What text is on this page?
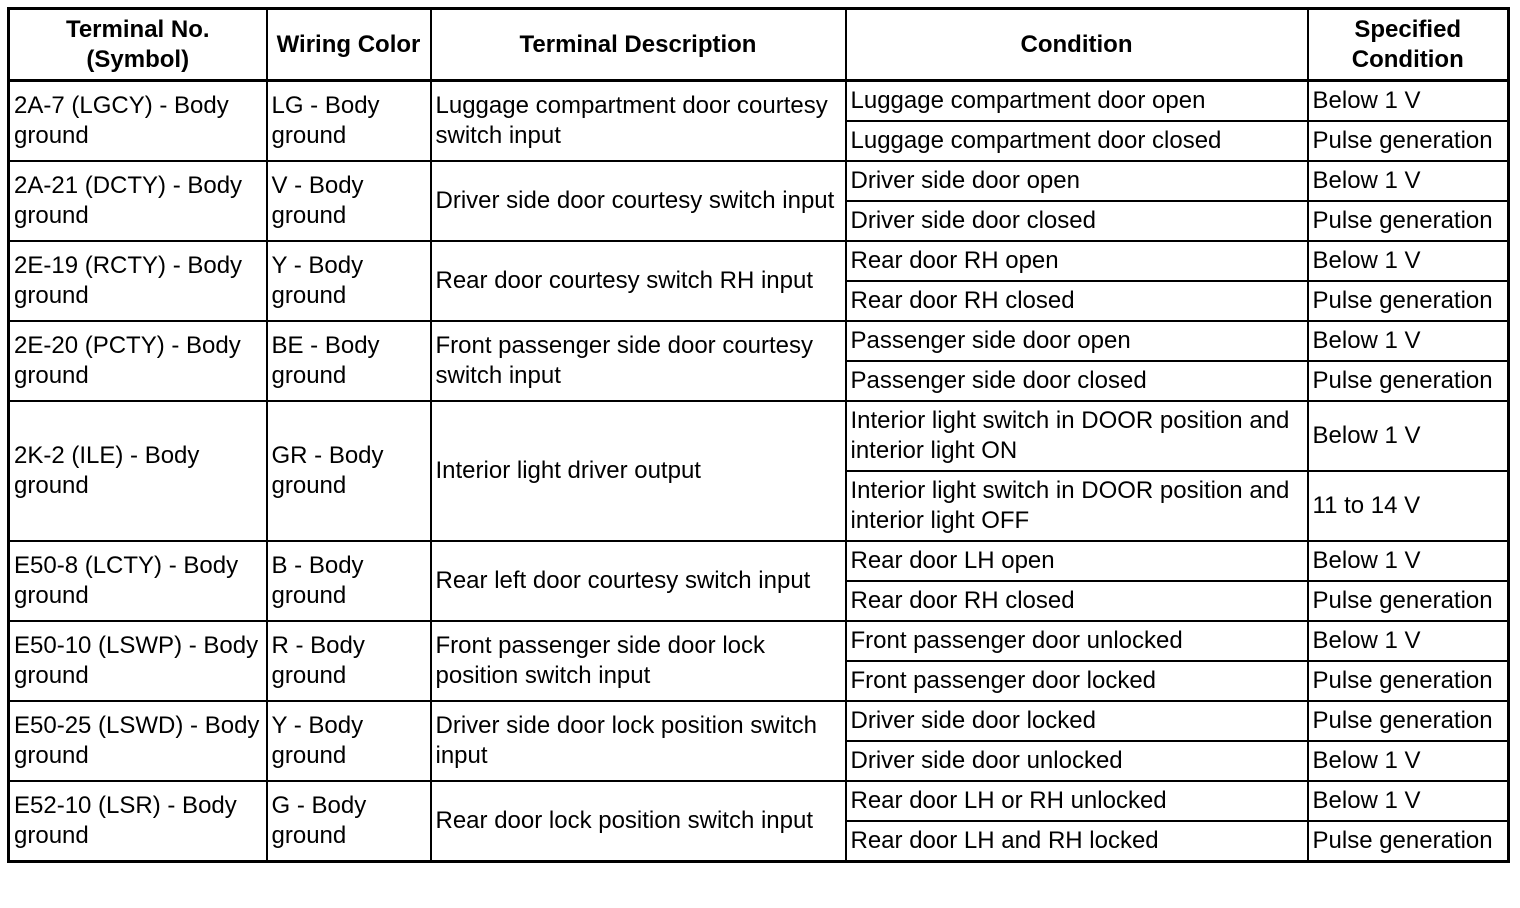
Terminal No. (Symbol)	Wiring Color	Terminal Description	Condition	Specified Condition
2A-7 (LGCY) - Body ground	LG - Body ground	Luggage compartment door courtesy switch input	Luggage compartment door open	Below 1 V
			Luggage compartment door closed	Pulse generation
2A-21 (DCTY) - Body ground	V - Body ground	Driver side door courtesy switch input	Driver side door open	Below 1 V
			Driver side door closed	Pulse generation
2E-19 (RCTY) - Body ground	Y - Body ground	Rear door courtesy switch RH input	Rear door RH open	Below 1 V
			Rear door RH closed	Pulse generation
2E-20 (PCTY) - Body ground	BE - Body ground	Front passenger side door courtesy switch input	Passenger side door open	Below 1 V
			Passenger side door closed	Pulse generation
2K-2 (ILE) - Body ground	GR - Body ground	Interior light driver output	Interior light switch in DOOR position and interior light ON	Below 1 V
			Interior light switch in DOOR position and interior light OFF	11 to 14 V
E50-8 (LCTY) - Body ground	B - Body ground	Rear left door courtesy switch input	Rear door LH open	Below 1 V
			Rear door RH closed	Pulse generation
E50-10 (LSWP) - Body ground	R - Body ground	Front passenger side door lock position switch input	Front passenger door unlocked	Below 1 V
			Front passenger door locked	Pulse generation
E50-25 (LSWD) - Body ground	Y - Body ground	Driver side door lock position switch input	Driver side door locked	Pulse generation
			Driver side door unlocked	Below 1 V
E52-10 (LSR) - Body ground	G - Body ground	Rear door lock position switch input	Rear door LH or RH unlocked	Below 1 V
			Rear door LH and RH locked	Pulse generation
